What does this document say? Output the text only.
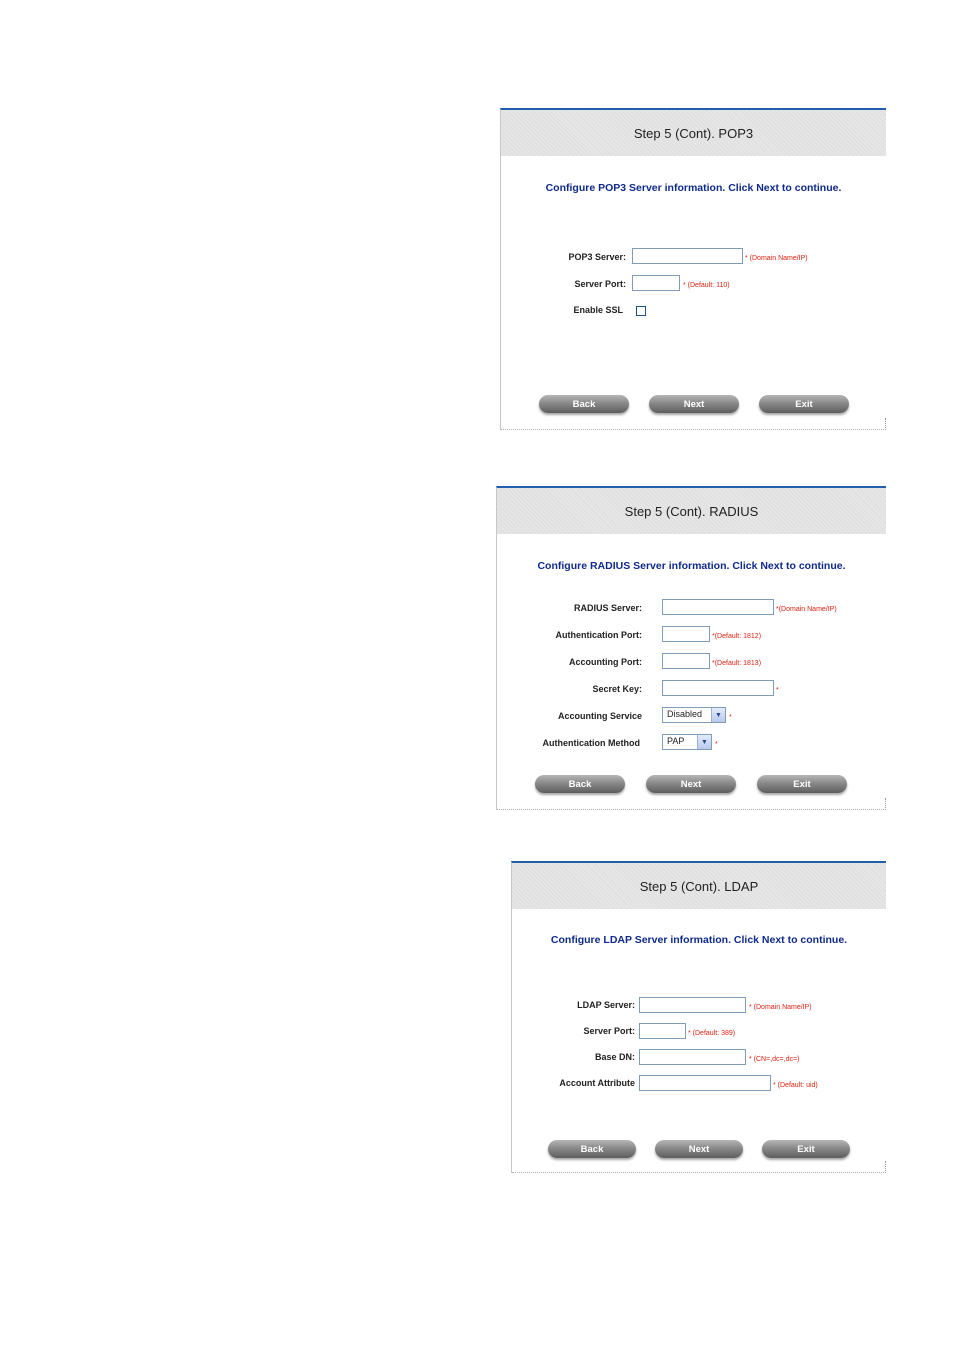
Step 5 (Cont). POP3
Configure POP3 Server information. Click Next to continue.
POP3 Server:	* (Domain Name/IP)
Server Port:	* (Default: 110)
Enable SSL
Back	Next	Exit
Step 5 (Cont). RADIUS
Configure RADIUS Server information. Click Next to continue.
RADIUS Server:	*(Domain Name/IP)
Authentication Port:	*(Default: 1812)
Accounting Port:	*(Default: 1813)
Secret Key:	*
Accounting Service	Disabled	▼	*
Authentication Method	PAP	▼	*
Back	Next	Exit
Step 5 (Cont). LDAP
Configure LDAP Server information. Click Next to continue.
LDAP Server:	* (Domain Name/IP)
Server Port:	* (Default: 389)
Base DN:	* (CN=,dc=,dc=)
Account Attribute	* (Default: uid)
Back	Next	Exit
